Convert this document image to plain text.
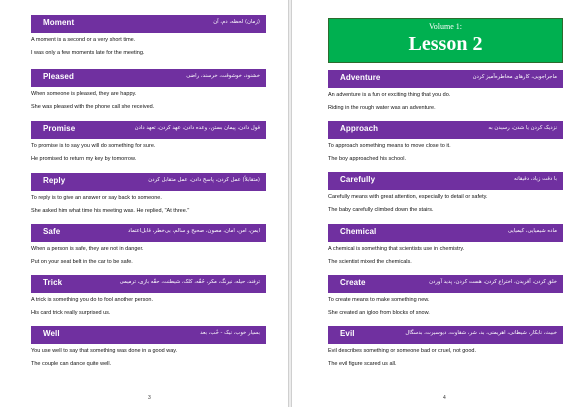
Moment	(زمان) لحظه، دم، آن
A moment is a second or a very short time.
I was only a few moments late for the meeting.
Pleased	خشنود، خوشوقت، خرسند، راضی
When someone is pleased, they are happy.
She was pleased with the phone call she received.
Promise	قول دادن، پیمان بستن، وعده دادن، عهد کردن، تعهد دادن
To promise is to say you will do something for sure.
He promised to return my key by tomorrow.
Reply	(متقابلاً) عمل کردن، پاسخ دادن، عمل متقابل کردن
To reply is to give an answer or say back to someone.
She asked him what time his meeting was. He replied, "At three."
Safe	ایمن، امن، امان، مصون، صحیح و سالم، بی‌خطر، قابل‌اعتماد
When a person is safe, they are not in danger.
Put on your seat belt in the car to be safe.
Trick	ترفند، حیله، نیرنگ، مکر، حُقّه، کلک، شیطنت، حقّه بازی، ترمیمی
A trick is something you do to fool another person.
His card trick really surprised us.
Well	بسیار خوب، نیک - خُب، بعد
You use well to say that something was done in a good way.
The couple can dance quite well.
3
Volume 1:
Lesson 2
Adventure	ماجراجویی، کارهای مخاطره‌آمیز کردن
An adventure is a fun or exciting thing that you do.
Riding in the rough water was an adventure.
Approach	نزدیک کردن یا شدن، رسیدن به
To approach something means to move close to it.
The boy approached his school.
Carefully	با دقت زیاد، دقیقانه
Carefully means with great attention, especially to detail or safety.
The baby carefully climbed down the stairs.
Chemical	ماده شیمیایی، کیمیایی
A chemical is something that scientists use in chemistry.
The scientist mixed the chemicals.
Create	خلق کردن، آفریدن، اختراع کردن، هست کردن، پدید آوردن
To create means to make something new.
She created an igloo from blocks of snow.
Evil	خبیث، نابکار، شیطانی، اهریمنی، بد، شر، شقاوت، دیوسیرت، بدسگال
Evil describes something or someone bad or cruel, not good.
The evil figure scared us all.
4
